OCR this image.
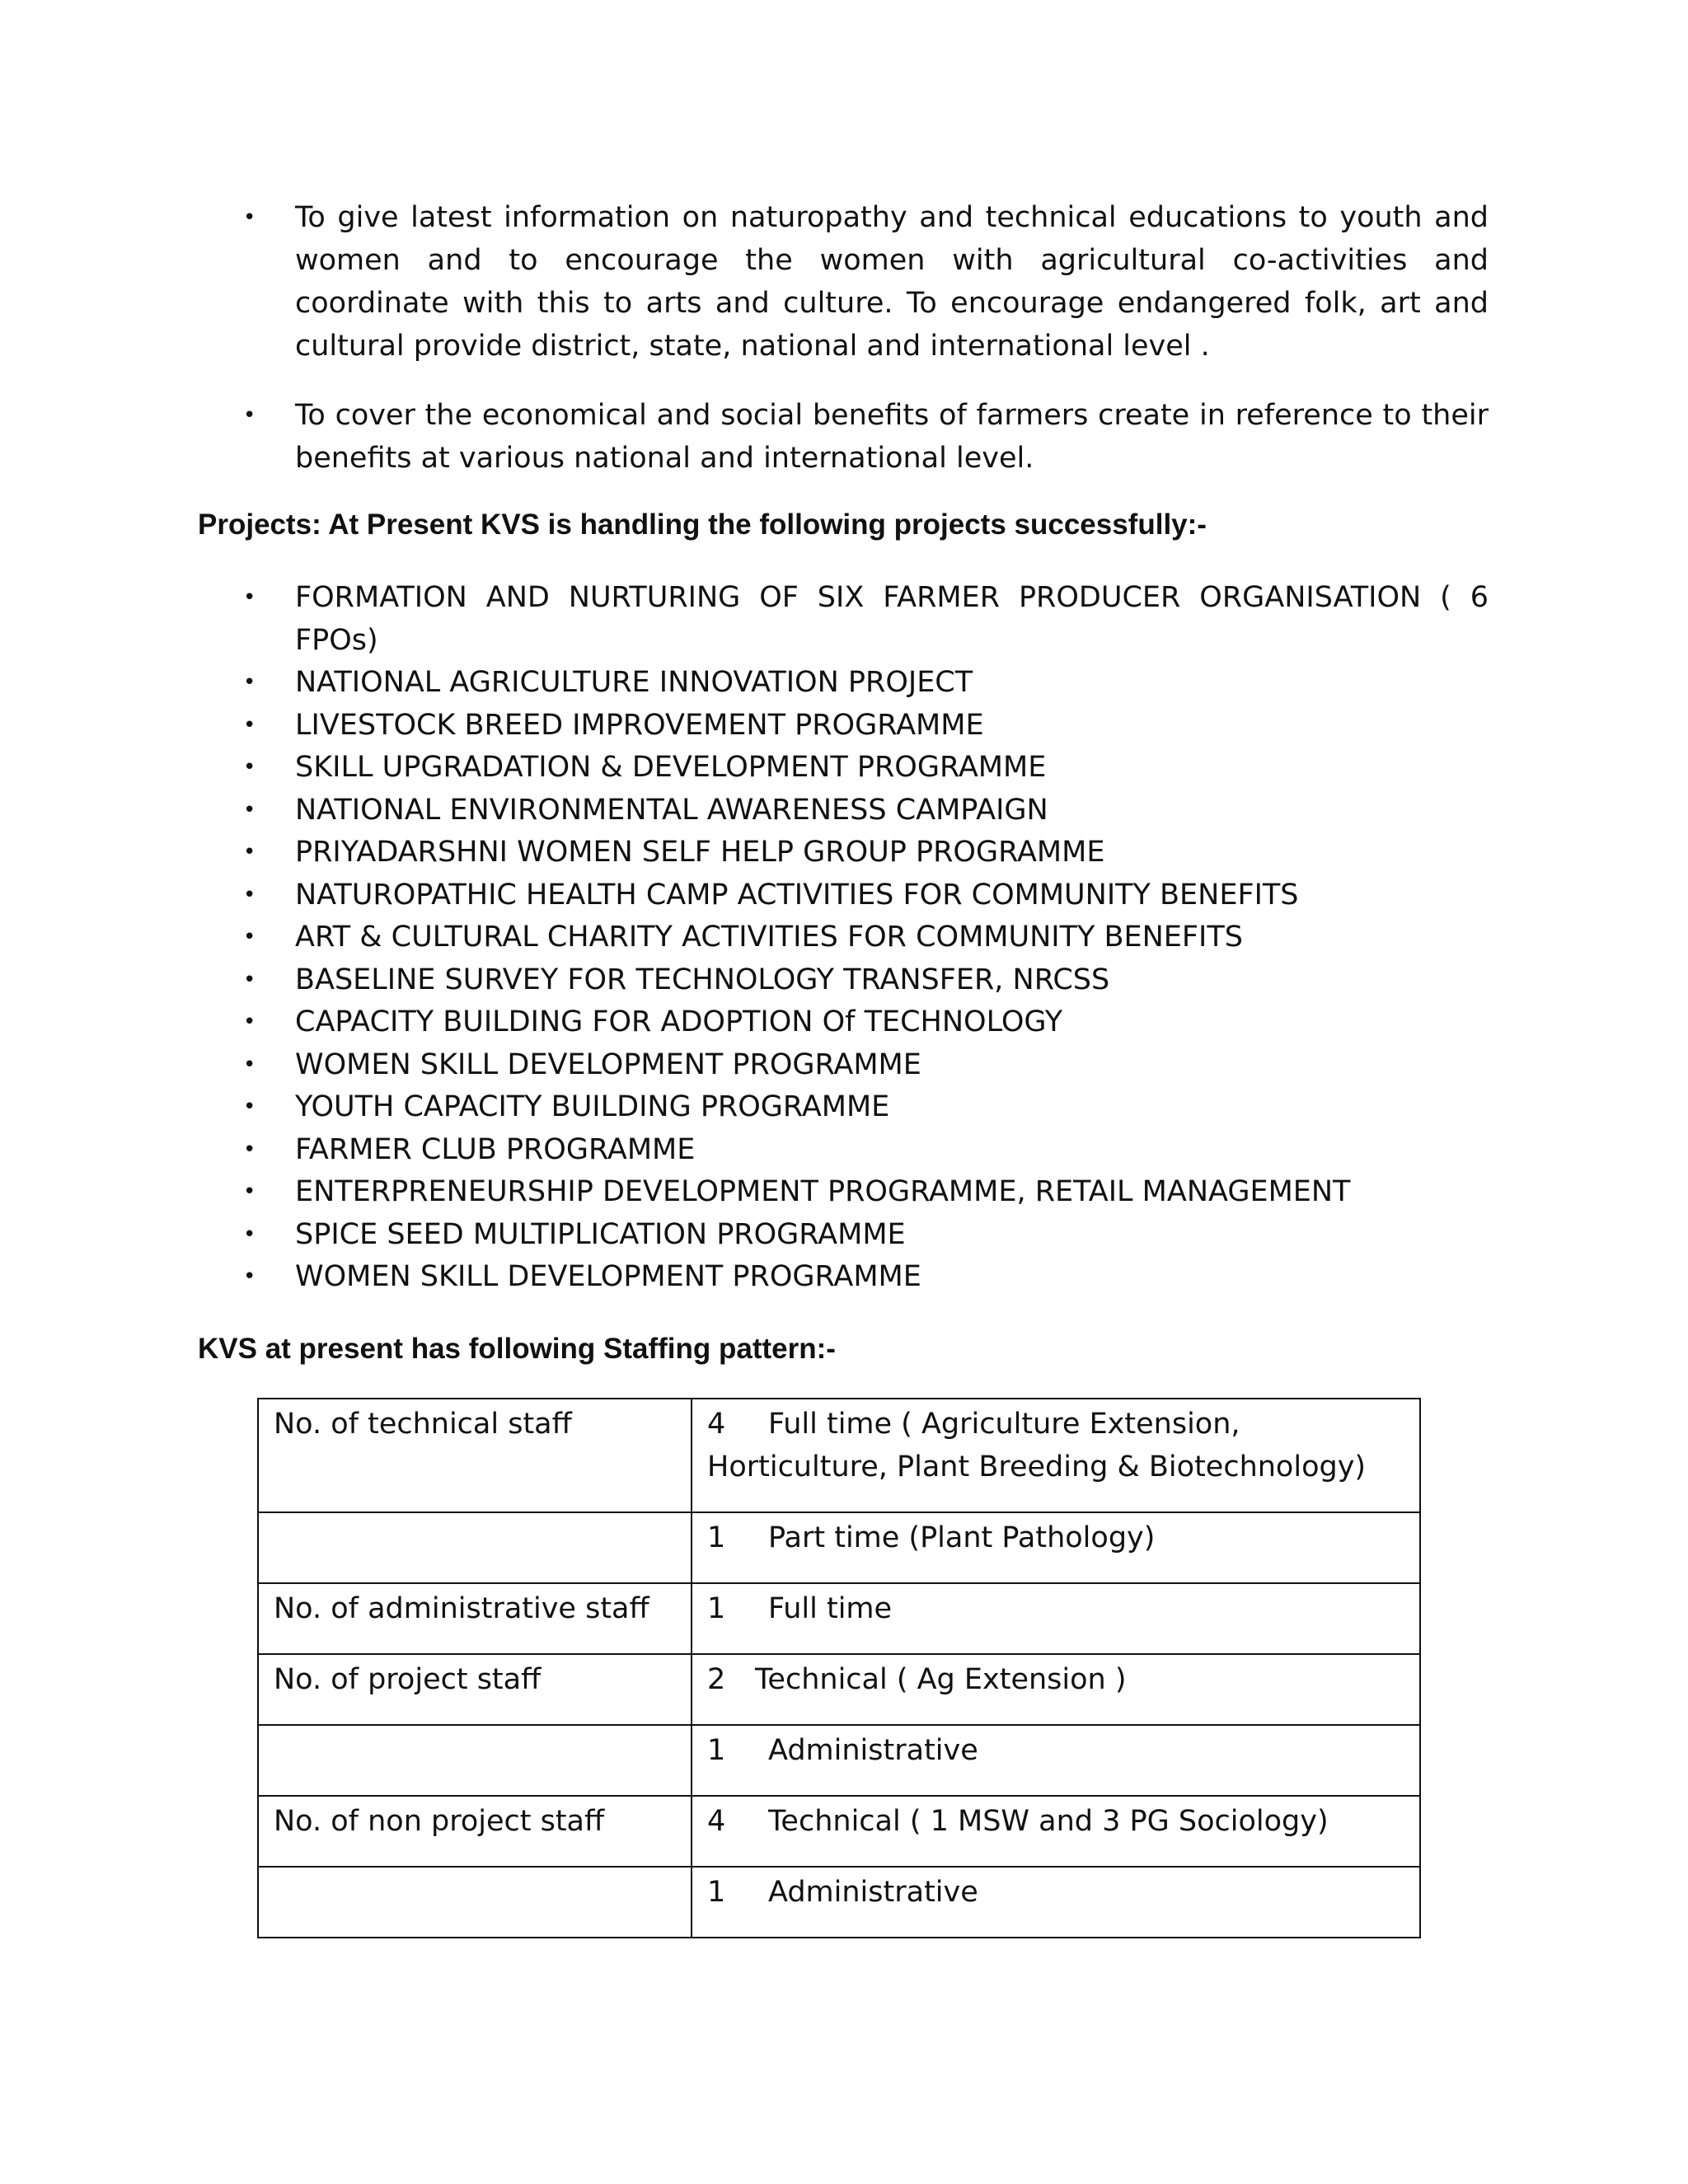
• To give latest information on naturopathy and technical educations to youth and women and to encourage the women with agricultural co-activities and coordinate with this to arts and culture. To encourage endangered folk, art and cultural provide district, state, national and international level .
• To cover the economical and social benefits of farmers create in reference to their benefits at various national and international level.
Projects: At Present KVS is handling the following projects successfully:-
• FORMATION AND NURTURING OF SIX FARMER PRODUCER ORGANISATION ( 6 FPOs)
• NATIONAL AGRICULTURE INNOVATION PROJECT
• LIVESTOCK BREED IMPROVEMENT PROGRAMME
• SKILL UPGRADATION & DEVELOPMENT PROGRAMME
• NATIONAL ENVIRONMENTAL AWARENESS CAMPAIGN
• PRIYADARSHNI WOMEN SELF HELP GROUP PROGRAMME
• NATUROPATHIC HEALTH CAMP ACTIVITIES FOR COMMUNITY BENEFITS
• ART & CULTURAL CHARITY ACTIVITIES FOR COMMUNITY BENEFITS
• BASELINE SURVEY FOR TECHNOLOGY TRANSFER, NRCSS
• CAPACITY BUILDING FOR ADOPTION Of TECHNOLOGY
• WOMEN SKILL DEVELOPMENT PROGRAMME
• YOUTH CAPACITY BUILDING PROGRAMME
• FARMER CLUB PROGRAMME
• ENTERPRENEURSHIP DEVELOPMENT PROGRAMME, RETAIL MANAGEMENT
• SPICE SEED MULTIPLICATION PROGRAMME
• WOMEN SKILL DEVELOPMENT PROGRAMME
KVS at present has following Staffing pattern:-
No. of technical staff	4 Full time ( Agriculture Extension, Horticulture, Plant Breeding & Biotechnology)
	1 Part time (Plant Pathology)
No. of administrative staff	1 Full time
No. of project staff	2 Technical ( Ag Extension )
	1 Administrative
No. of non project staff	4 Technical ( 1 MSW and 3 PG Sociology)
	1 Administrative
